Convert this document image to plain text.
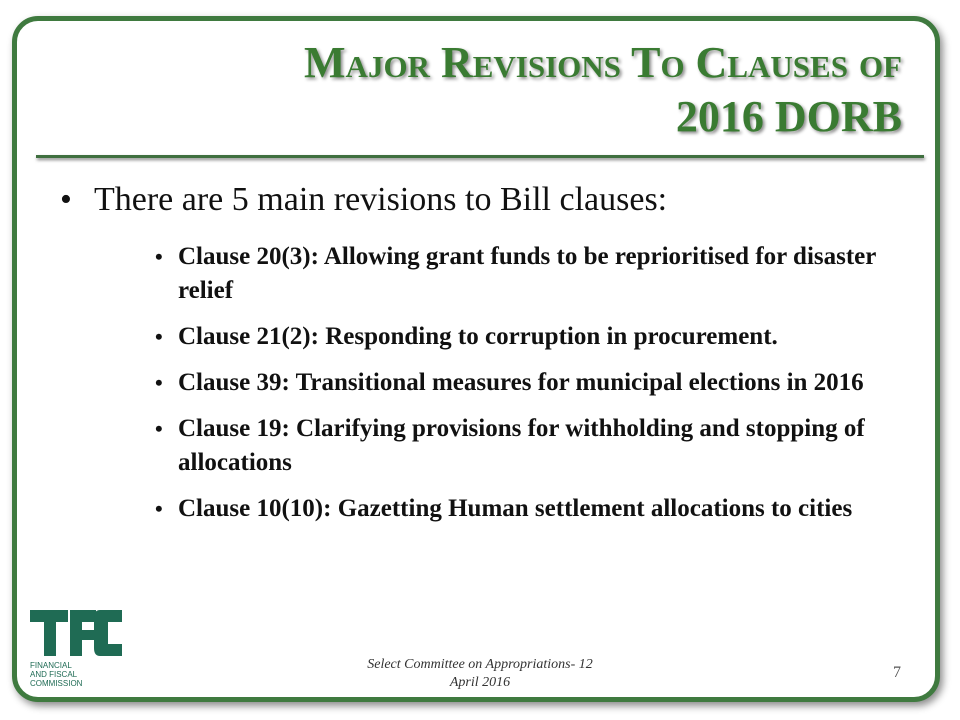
Major Revisions To Clauses of
2016 DORB
• There are 5 main revisions to Bill clauses:
• Clause 20(3): Allowing grant funds to be reprioritised for disaster relief
• Clause 21(2): Responding to corruption in procurement.
• Clause 39: Transitional measures for municipal elections in 2016
• Clause 19: Clarifying provisions for withholding and stopping of allocations
• Clause 10(10): Gazetting Human settlement allocations to cities
FINANCIAL
AND FISCAL
COMMISSION
Select Committee on Appropriations- 12
April 2016
7
